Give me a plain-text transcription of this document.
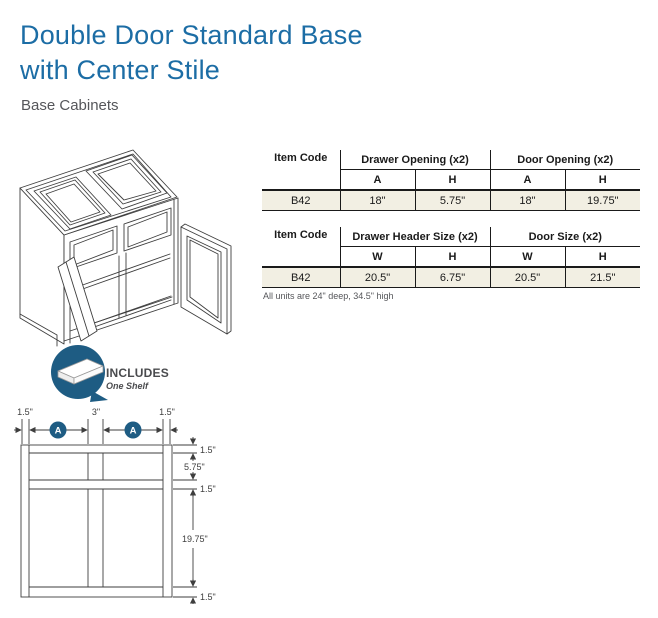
Double Door Standard Base
with Center Stile
Base Cabinets
INCLUDES
One Shelf
Item Code	Drawer Opening (x2)		Door Opening (x2)	
	A	H	A	H
B42	18"	5.75"	18"	19.75"
Item Code	Drawer Header Size (x2)		Door Size (x2)	
	W	H	W	H
B42	20.5"	6.75"	20.5"	21.5"
All units are 24" deep, 34.5" high
A	A
1.5"	3"	1.5"
1.5"
5.75"
1.5"
19.75"
1.5"
